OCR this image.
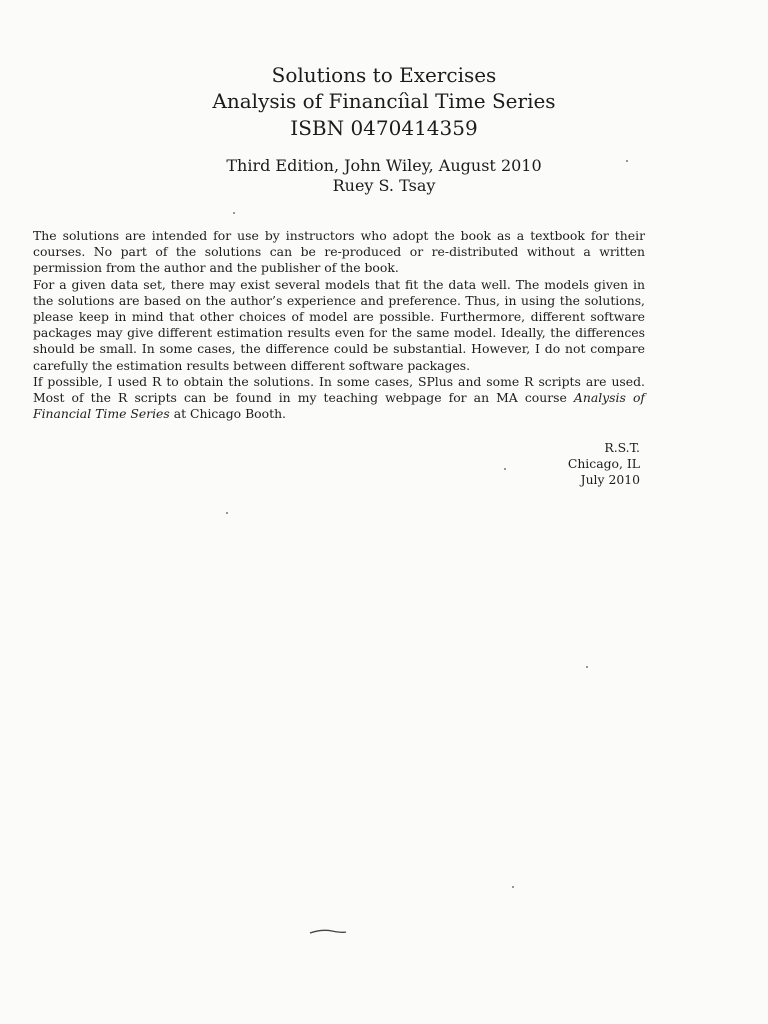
Solutions to Exercises
Analysis of Financíìal Time Series
ISBN 0470414359
Third Edition, John Wiley, August 2010
Ruey S. Tsay

The solutions are intended for use by instructors who adopt the book as a textbook for their courses. No part of the solutions can be re-produced or re-distributed without a written permission from the author and the publisher of the book.

For a given data set, there may exist several models that fit the data well. The models given in the solutions are based on the author’s experience and preference. Thus, in using the solutions, please keep in mind that other choices of model are possible. Furthermore, different software packages may give different estimation results even for the same model. Ideally, the differences should be small. In some cases, the difference could be substantial. However, I do not compare carefully the estimation results between different software packages.

If possible, I used R to obtain the solutions. In some cases, SPlus and some R scripts are used. Most of the R scripts can be found in my teaching webpage for an MA course Analysis of Financial Time Series at Chicago Booth.

R.S.T.
Chicago, IL
July 2010
